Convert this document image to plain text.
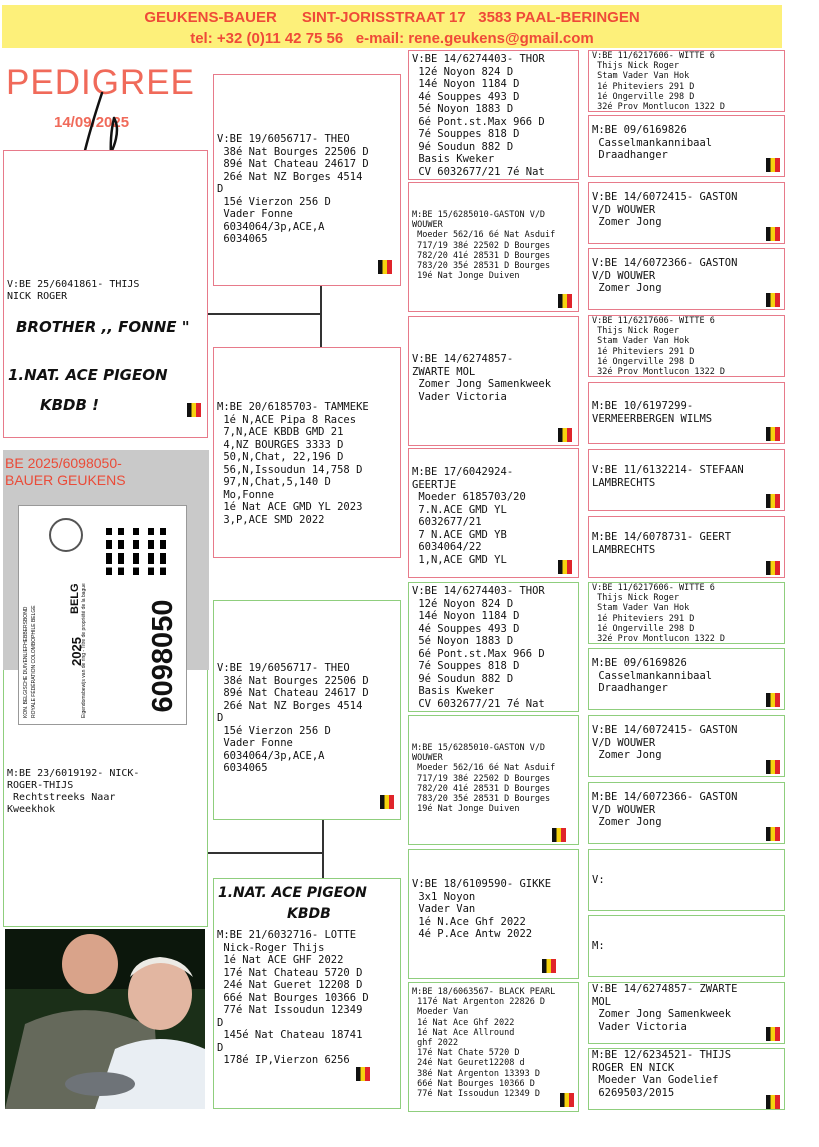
GEUKENS-BAUER      SINT-JORISSTRAAT 17   3583 PAAL-BERINGEN
tel: +32 (0)11 42 75 56   e-mail: rene.geukens@gmail.com
PEDIGREE
14/09/2025
V:BE 25/6041861- THIJS
NICK ROGER
BROTHER ,, FONNE "
1.NAT. ACE PIGEON
KBDB !
M:BE 23/6019192- NICK-
ROGER-THIJS
Rechtstreeks Naar
Kweekhok
BE 2025/6098050-
BAUER GEUKENS
6098050
2025
BELG
KON. BELGISCHE DUIVENLIEFHEBBERSBOND ROYALE FÉDÉRATION COLOMBOPHILE BELGE	Eigendomsbewijs van de ring - Titre de propriété de la bague
V:BE 19/6056717- THEO
38é Nat Bourges 22506 D
89é Nat Chateau 24617 D
26é Nat NZ Borges 4514
D
15é Vierzon 256 D
Vader Fonne
6034064/3p,ACE,A
6034065
M:BE 20/6185703- TAMMEKE
1é N,ACE Pipa 8 Races
7,N,ACE KBDB GMD 21
4,NZ BOURGES 3333 D
50,N,Chat, 22,196 D
56,N,Issoudun 14,758 D
97,N,Chat,5,140 D
Mo,Fonne
1é Nat ACE GMD YL 2023
3,P,ACE SMD 2022
V:BE 19/6056717- THEO
38é Nat Bourges 22506 D
89é Nat Chateau 24617 D
26é Nat NZ Borges 4514
D
15é Vierzon 256 D
Vader Fonne
6034064/3p,ACE,A
6034065
M:BE 21/6032716- LOTTE
Nick-Roger Thijs
1é Nat ACE GHF 2022
17é Nat Chateau 5720 D
24é Nat Gueret 12208 D
66é Nat Bourges 10366 D
77é Nat Issoudun 12349
D
145é Nat Chateau 18741
D
178é IP,Vierzon 6256
1.NAT. ACE PIGEON
KBDB
V:BE 14/6274403- THOR
12é Noyon 824 D
14é Noyon 1184 D
4é Souppes 493 D
5é Noyon 1883 D
6é Pont.st.Max 966 D
7é Souppes 818 D
9é Soudun 882 D
Basis Kweker
CV 6032677/21 7é Nat
M:BE 15/6285010-GASTON V/D
WOUWER
Moeder 562/16 6é Nat Asduif
717/19 38é 22502 D Bourges
782/20 41é 28531 D Bourges
783/20 35é 28531 D Bourges
19é Nat Jonge Duiven
V:BE 14/6274857-
ZWARTE MOL
Zomer Jong Samenkweek
Vader Victoria
M:BE 17/6042924-
GEERTJE
Moeder 6185703/20
7.N.ACE GMD YL
6032677/21
7 N.ACE GMD YB
6034064/22
1,N,ACE GMD YL
V:BE 14/6274403- THOR
12é Noyon 824 D
14é Noyon 1184 D
4é Souppes 493 D
5é Noyon 1883 D
6é Pont.st.Max 966 D
7é Souppes 818 D
9é Soudun 882 D
Basis Kweker
CV 6032677/21 7é Nat
M:BE 15/6285010-GASTON V/D
WOUWER
Moeder 562/16 6é Nat Asduif
717/19 38é 22502 D Bourges
782/20 41é 28531 D Bourges
783/20 35é 28531 D Bourges
19é Nat Jonge Duiven
V:BE 18/6109590- GIKKE
3x1 Noyon
Vader Van
1é N.Ace Ghf 2022
4é P.Ace Antw 2022
M:BE 18/6063567- BLACK PEARL
117é Nat Argenton 22826 D
Moeder Van
1é Nat Ace Ghf 2022
1é Nat Ace Allround
ghf 2022
17é Nat Chate 5720 D
24é Nat Geuret12208 d
38é Nat Argenton 13393 D
66é Nat Bourges 10366 D
77é Nat Issoudun 12349 D
V:BE 11/6217606- WITTE 6
Thijs Nick Roger
Stam Vader Van Hok
1é Phiteviers 291 D
1é Ongerville 298 D
32é Prov Montlucon 1322 D
M:BE 09/6169826
Casselmankannibaal
Draadhanger
V:BE 14/6072415- GASTON
V/D WOUWER
Zomer Jong
V:BE 14/6072366- GASTON
V/D WOUWER
Zomer Jong
V:BE 11/6217606- WITTE 6
Thijs Nick Roger
Stam Vader Van Hok
1é Phiteviers 291 D
1é Ongerville 298 D
32é Prov Montlucon 1322 D
M:BE 10/6197299-
VERMEERBERGEN WILMS
V:BE 11/6132214- STEFAAN
LAMBRECHTS
M:BE 14/6078731- GEERT
LAMBRECHTS
V:BE 11/6217606- WITTE 6
Thijs Nick Roger
Stam Vader Van Hok
1é Phiteviers 291 D
1é Ongerville 298 D
32é Prov Montlucon 1322 D
M:BE 09/6169826
Casselmankannibaal
Draadhanger
V:BE 14/6072415- GASTON
V/D WOUWER
Zomer Jong
M:BE 14/6072366- GASTON
V/D WOUWER
Zomer Jong
V:
M:
V:BE 14/6274857- ZWARTE
MOL
Zomer Jong Samenkweek
Vader Victoria
M:BE 12/6234521- THIJS
ROGER EN NICK
Moeder Van Godelief
6269503/2015
